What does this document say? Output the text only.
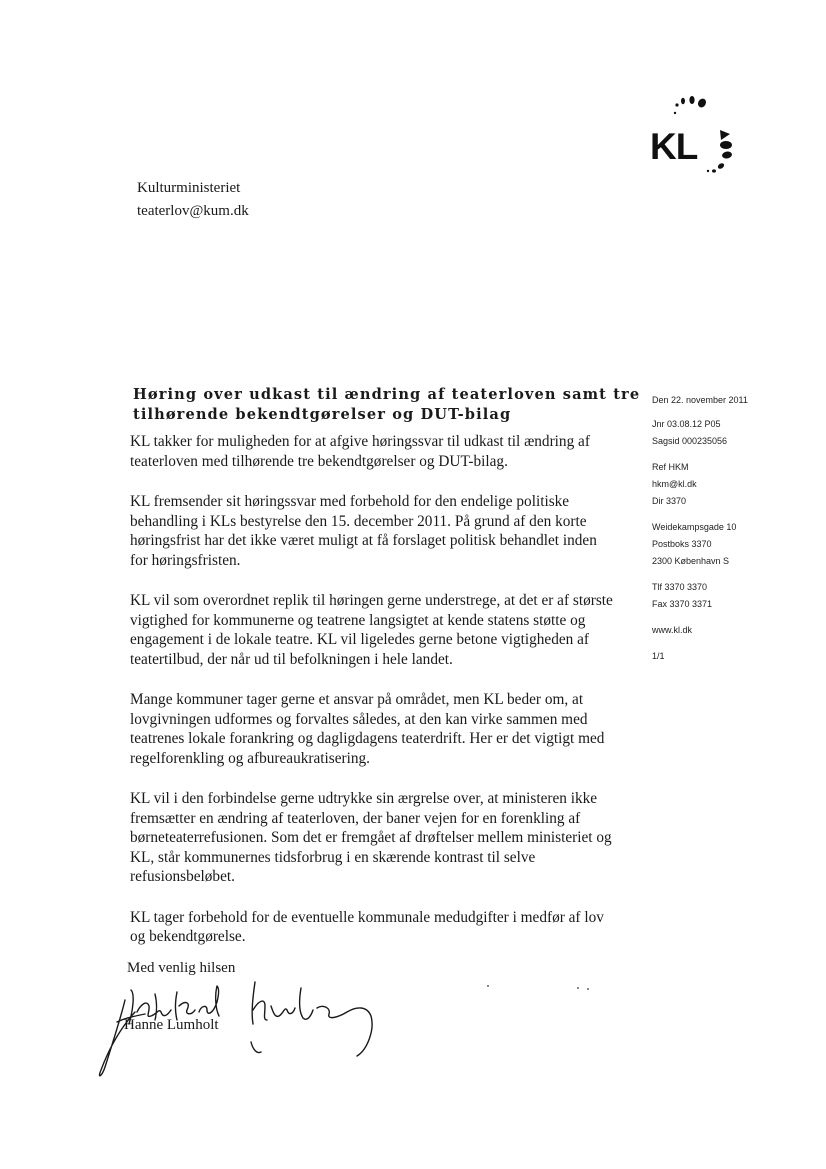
KL
Kulturministeriet
teaterlov@kum.dk
Høring over udkast til ændring af teaterloven samt tre
tilhørende bekendtgørelser og DUT-bilag

KL takker for muligheden for at afgive høringssvar til udkast til ændring af teaterloven med tilhørende tre bekendtgørelser og DUT-bilag.

KL fremsender sit høringssvar med forbehold for den endelige politiske behandling i KLs bestyrelse den 15. december 2011. På grund af den korte høringsfrist har det ikke været muligt at få forslaget politisk behandlet inden for høringsfristen.

KL vil som overordnet replik til høringen gerne understrege, at det er af største vigtighed for kommunerne og teatrene langsigtet at kende statens støtte og engagement i de lokale teatre. KL vil ligeledes gerne betone vigtigheden af teatertilbud, der når ud til befolkningen i hele landet.

Mange kommuner tager gerne et ansvar på området, men KL beder om, at lovgivningen udformes og forvaltes således, at den kan virke sammen med teatrenes lokale forankring og dagligdagens teaterdrift. Her er det vigtigt med regelforenkling og afbureaukratisering.

KL vil i den forbindelse gerne udtrykke sin ærgrelse over, at ministeren ikke fremsætter en ændring af teaterloven, der baner vejen for en forenkling af børneteaterrefusionen. Som det er fremgået af drøftelser mellem ministeriet og KL, står kommunernes tidsforbrug i en skærende kontrast til selve refusionsbeløbet.

KL tager forbehold for de eventuelle kommunale medudgifter i medfør af lov og bekendtgørelse.

Med venlig hilsen
Hanne Lumholt
Den 22. november 2011
Jnr 03.08.12 P05
Sagsid 000235056
Ref HKM
hkm@kl.dk
Dir 3370
Weidekampsgade 10
Postboks 3370
2300 København S
Tlf 3370 3370
Fax 3370 3371
www.kl.dk
1/1
